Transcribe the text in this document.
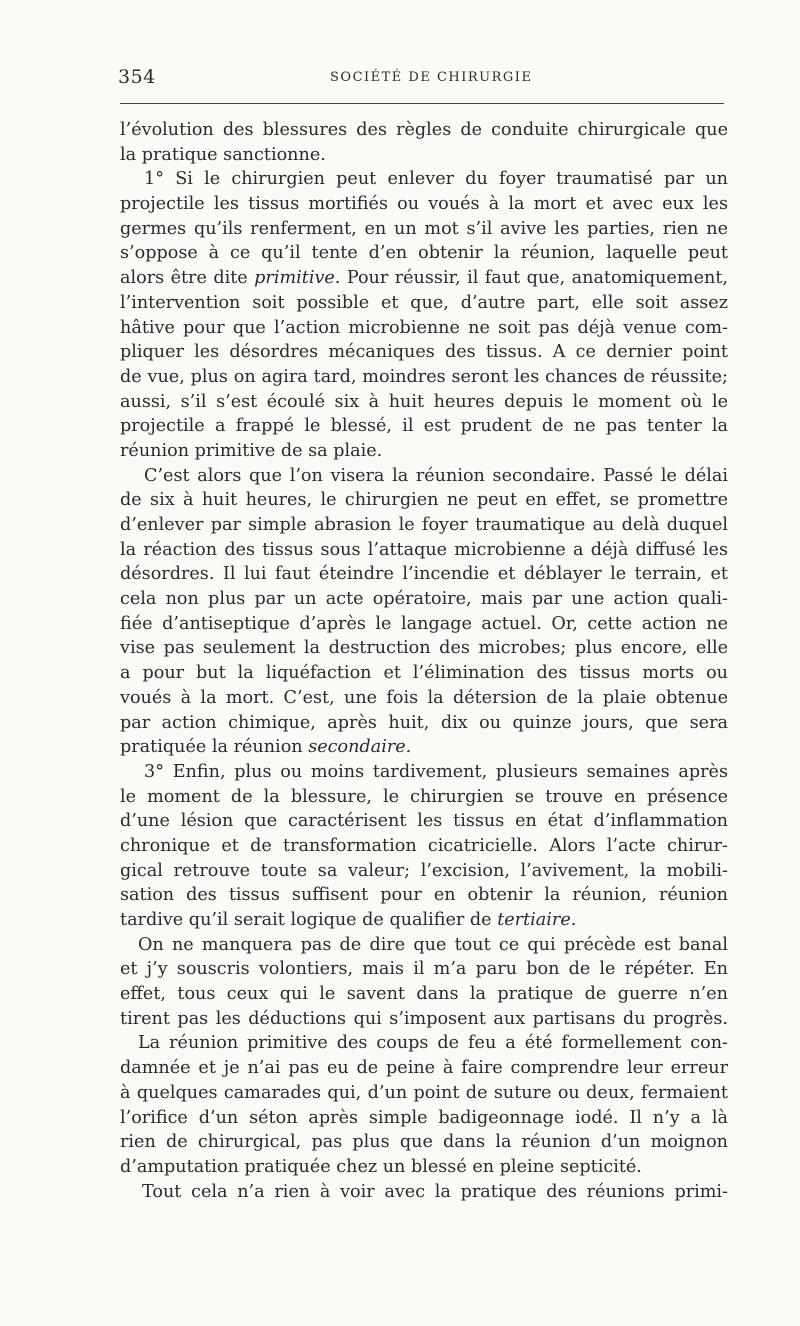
354	SOCIÉTÉ DE CHIRURGIE
l’évolution des blessures des règles de conduite chirurgicale que
la pratique sanctionne.
1° Si le chirurgien peut enlever du foyer traumatisé par un
projectile les tissus mortifiés ou voués à la mort et avec eux les
germes qu’ils renferment, en un mot s’il avive les parties, rien ne
s’oppose à ce qu’il tente d’en obtenir la réunion, laquelle peut
alors être dite primitive. Pour réussir, il faut que, anatomiquement,
l’intervention soit possible et que, d’autre part, elle soit assez
hâtive pour que l’action microbienne ne soit pas déjà venue com-
pliquer les désordres mécaniques des tissus. A ce dernier point
de vue, plus on agira tard, moindres seront les chances de réussite;
aussi, s’il s’est écoulé six à huit heures depuis le moment où le
projectile a frappé le blessé, il est prudent de ne pas tenter la
réunion primitive de sa plaie.
C’est alors que l’on visera la réunion secondaire. Passé le délai
de six à huit heures, le chirurgien ne peut en effet, se promettre
d’enlever par simple abrasion le foyer traumatique au delà duquel
la réaction des tissus sous l’attaque microbienne a déjà diffusé les
désordres. Il lui faut éteindre l’incendie et déblayer le terrain, et
cela non plus par un acte opératoire, mais par une action quali-
fiée d’antiseptique d’après le langage actuel. Or, cette action ne
vise pas seulement la destruction des microbes; plus encore, elle
a pour but la liquéfaction et l’élimination des tissus morts ou
voués à la mort. C’est, une fois la détersion de la plaie obtenue
par action chimique, après huit, dix ou quinze jours, que sera
pratiquée la réunion secondaire.
3° Enfin, plus ou moins tardivement, plusieurs semaines après
le moment de la blessure, le chirurgien se trouve en présence
d’une lésion que caractérisent les tissus en état d’inflammation
chronique et de transformation cicatricielle. Alors l’acte chirur-
gical retrouve toute sa valeur; l’excision, l’avivement, la mobili-
sation des tissus suffisent pour en obtenir la réunion, réunion
tardive qu’il serait logique de qualifier de tertiaire.
On ne manquera pas de dire que tout ce qui précède est banal
et j’y souscris volontiers, mais il m’a paru bon de le répéter. En
effet, tous ceux qui le savent dans la pratique de guerre n’en
tirent pas les déductions qui s’imposent aux partisans du progrès.
La réunion primitive des coups de feu a été formellement con-
damnée et je n’ai pas eu de peine à faire comprendre leur erreur
à quelques camarades qui, d’un point de suture ou deux, fermaient
l’orifice d’un séton après simple badigeonnage iodé. Il n’y a là
rien de chirurgical, pas plus que dans la réunion d’un moignon
d’amputation pratiquée chez un blessé en pleine septicité.
Tout cela n’a rien à voir avec la pratique des réunions primi-
